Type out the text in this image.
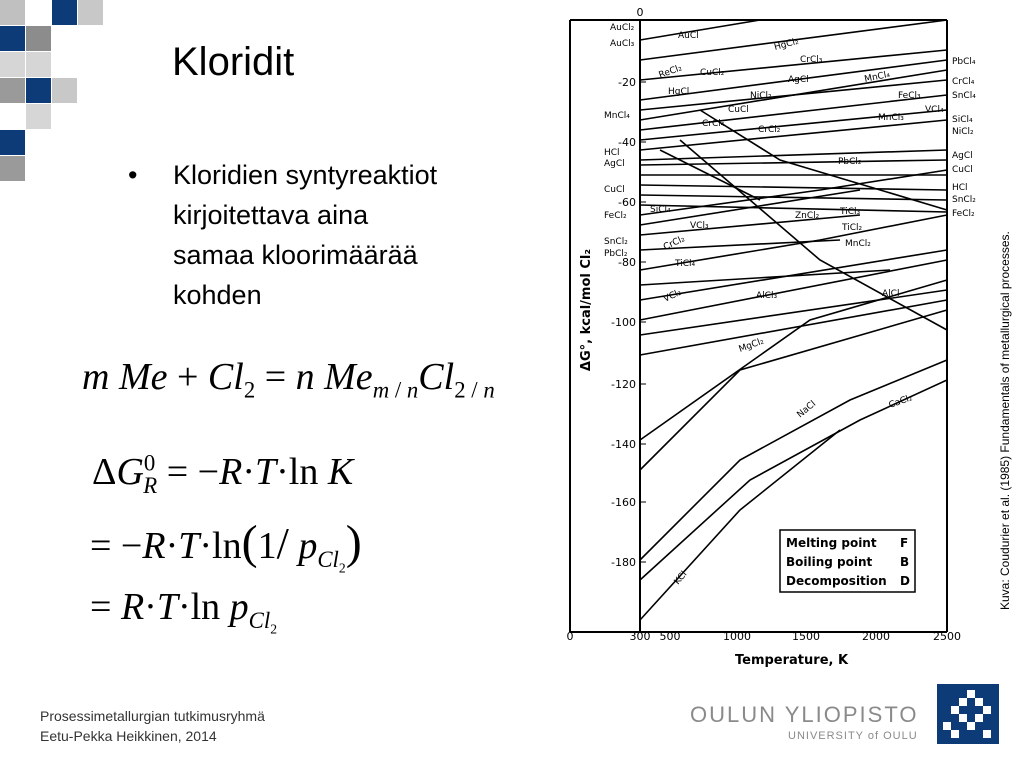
Kloridit
• Kloridien syntyreaktiot
kirjoitettava aina
samaa kloorimäärää
kohden
m $Me + Cl_2 = n$ $Me_{m / n}Cl_{2 / n}$
$\Delta G^0_R = -R\cdot T\cdot\ln$ K
= −R·T·ln(1/ $p_{Cl_2}$)
= R·T·ln $p_{Cl_2}$
-20
-40
-60
-80
-100
-120
-140
-160
-180
0
ΔG°, kcal/mol Cl₂
0	300 500	1000	1500	2000	2500
Temperature, K
AuCl₂
AuCl₃
MnCl₄
HCl
AgCl
CuCl
FeCl₂
SnCl₂
PbCl₂
PbCl₄
CrCl₄
SnCl₄
SiCl₄
NiCl₂
AgCl
CuCl
HCl
SnCl₂
FeCl₂
AuCl
HgCl₂
ReCl₂ CuCl₂
CrCl₃
HgCl	NiCl₂
AgCl	MnCl₄
FeCl₃
VCl₄
CrCl₄
CuCl
MnCl₃
CrCl₂
PbCl₂
SiCl₄
VCl₃
ZnCl₂ TiCl₃
TiCl₂
CrCl₂	MnCl₂
TiCl₄
VCl₂	AlCl₃	AlCl
MgCl₂
NaCl	CaCl₂
KCl
Melting point F
Boiling point B
Decomposition D	Kuva: Coudurier et al. (1985) Fundamentals of metallurgical processes.
Prosessimetallurgian tutkimusryhmä
Eetu-Pekka Heikkinen, 2014
OULUN YLIOPISTO
UNIVERSITY of OULU
